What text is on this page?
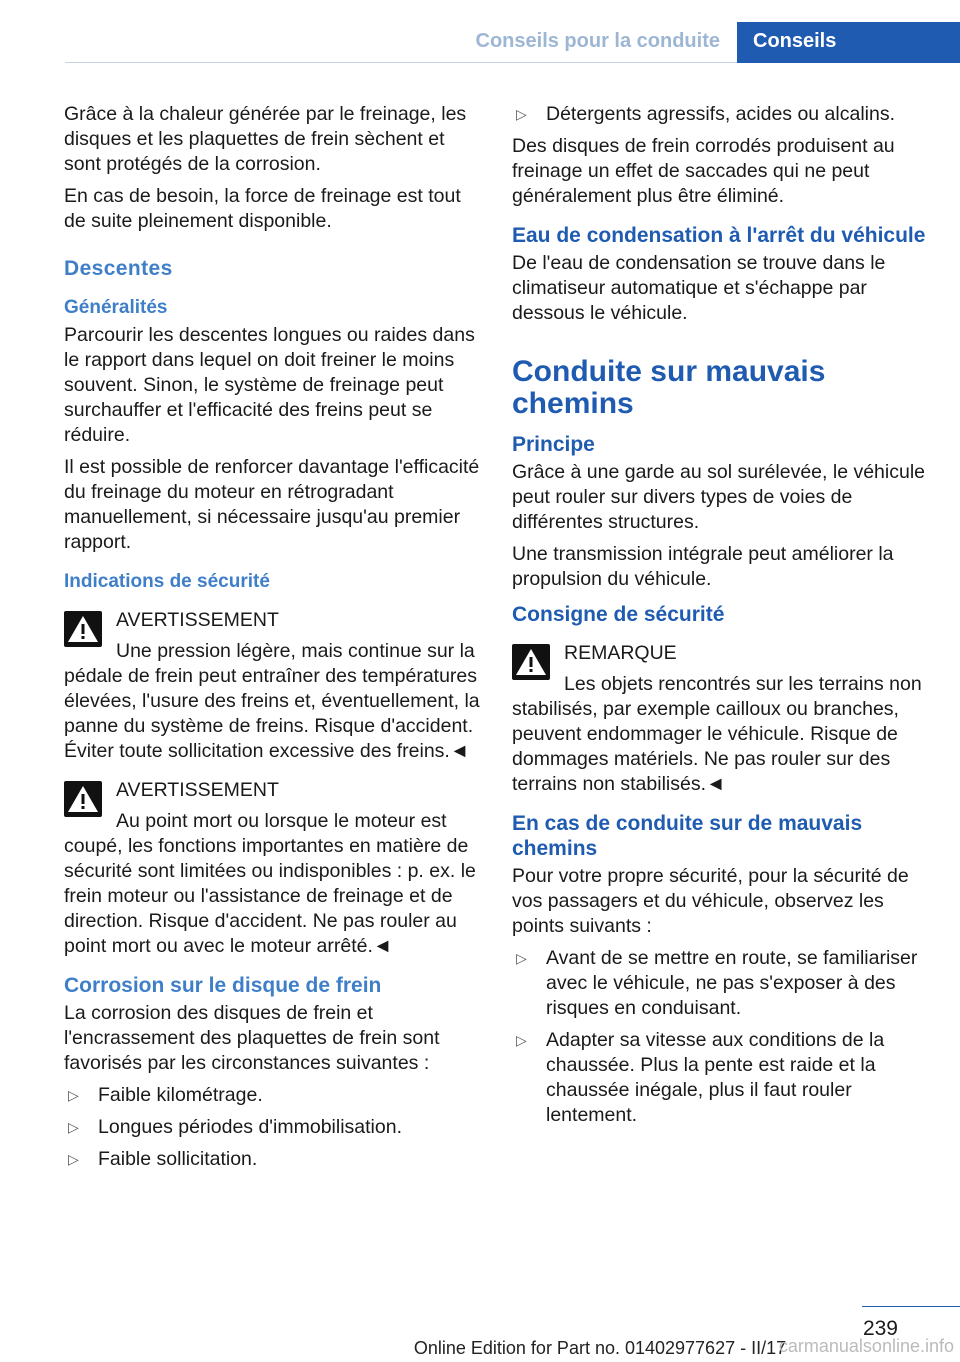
Conseils pour la conduite Conseils

Grâce à la chaleur générée par le freinage, les disques et les plaquettes de frein sèchent et sont protégés de la corrosion.

En cas de besoin, la force de freinage est tout de suite pleinement disponible.

Descentes
Généralités

Parcourir les descentes longues ou raides dans le rapport dans lequel on doit freiner le moins souvent. Sinon, le système de freinage peut surchauffer et l'efficacité des freins peut se réduire.

Il est possible de renforcer davantage l'efficacité du freinage du moteur en rétrogradant manuellement, si nécessaire jusqu'au premier rapport.

Indications de sécurité
AVERTISSEMENT
Une pression légère, mais continue sur la pédale de frein peut entraîner des températures élevées, l'usure des freins et, éventuellement, la panne du système de freins. Risque d'accident. Éviter toute sollicitation excessive des freins.◄
AVERTISSEMENT
Au point mort ou lorsque le moteur est coupé, les fonctions importantes en matière de sécurité sont limitées ou indisponibles : p. ex. le frein moteur ou l'assistance de freinage et de direction. Risque d'accident. Ne pas rouler au point mort ou avec le moteur arrêté.◄
Corrosion sur le disque de frein

La corrosion des disques de frein et l'encrassement des plaquettes de frein sont favorisés par les circonstances suivantes :

▷ Faible kilométrage.
▷ Longues périodes d'immobilisation.
▷ Faible sollicitation.
▷ Détergents agressifs, acides ou alcalins.

Des disques de frein corrodés produisent au freinage un effet de saccades qui ne peut généralement plus être éliminé.

Eau de condensation à l'arrêt du véhicule

De l'eau de condensation se trouve dans le climatiseur automatique et s'échappe par dessous le véhicule.

Conduite sur mauvais chemins
Principe

Grâce à une garde au sol surélevée, le véhicule peut rouler sur divers types de voies de différentes structures.

Une transmission intégrale peut améliorer la propulsion du véhicule.

Consigne de sécurité
REMARQUE
Les objets rencontrés sur les terrains non stabilisés, par exemple cailloux ou branches, peuvent endommager le véhicule. Risque de dommages matériels. Ne pas rouler sur des terrains non stabilisés.◄
En cas de conduite sur de mauvais chemins

Pour votre propre sécurité, pour la sécurité de vos passagers et du véhicule, observez les points suivants :

▷ Avant de se mettre en route, se familiariser avec le véhicule, ne pas s'exposer à des risques en conduisant.
▷ Adapter sa vitesse aux conditions de la chaussée. Plus la pente est raide et la chaussée inégale, plus il faut rouler lentement.
239
Online Edition for Part no. 01402977627 - II/17
carmanualsonline.info
